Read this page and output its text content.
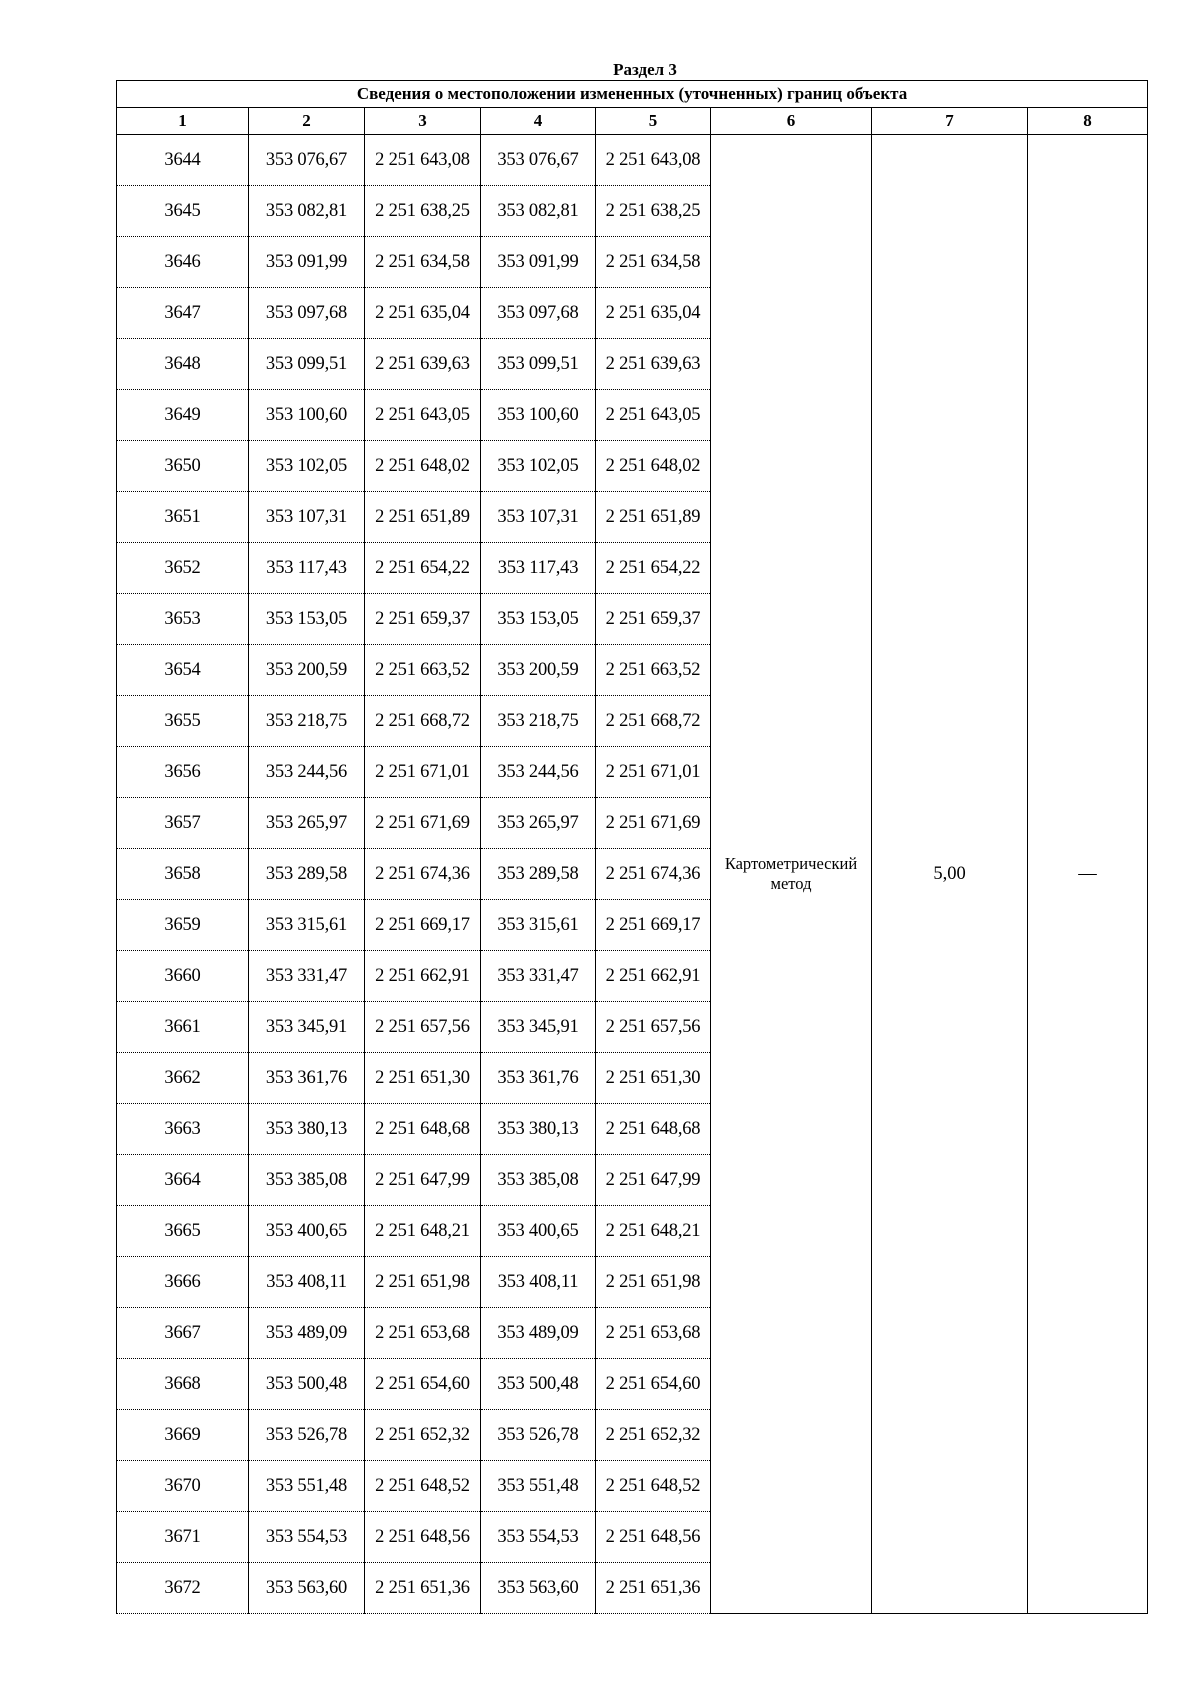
Раздел 3
Сведения о местоположении измененных (уточненных) границ объекта							
1	2	3	4	5	6	7	8
3644	353 076,67	2 251 643,08	353 076,67	2 251 643,08	Картометрический метод	5,00	—
3645	353 082,81	2 251 638,25	353 082,81	2 251 638,25			
3646	353 091,99	2 251 634,58	353 091,99	2 251 634,58			
3647	353 097,68	2 251 635,04	353 097,68	2 251 635,04			
3648	353 099,51	2 251 639,63	353 099,51	2 251 639,63			
3649	353 100,60	2 251 643,05	353 100,60	2 251 643,05			
3650	353 102,05	2 251 648,02	353 102,05	2 251 648,02			
3651	353 107,31	2 251 651,89	353 107,31	2 251 651,89			
3652	353 117,43	2 251 654,22	353 117,43	2 251 654,22			
3653	353 153,05	2 251 659,37	353 153,05	2 251 659,37			
3654	353 200,59	2 251 663,52	353 200,59	2 251 663,52			
3655	353 218,75	2 251 668,72	353 218,75	2 251 668,72			
3656	353 244,56	2 251 671,01	353 244,56	2 251 671,01			
3657	353 265,97	2 251 671,69	353 265,97	2 251 671,69			
3658	353 289,58	2 251 674,36	353 289,58	2 251 674,36			
3659	353 315,61	2 251 669,17	353 315,61	2 251 669,17			
3660	353 331,47	2 251 662,91	353 331,47	2 251 662,91			
3661	353 345,91	2 251 657,56	353 345,91	2 251 657,56			
3662	353 361,76	2 251 651,30	353 361,76	2 251 651,30			
3663	353 380,13	2 251 648,68	353 380,13	2 251 648,68			
3664	353 385,08	2 251 647,99	353 385,08	2 251 647,99			
3665	353 400,65	2 251 648,21	353 400,65	2 251 648,21			
3666	353 408,11	2 251 651,98	353 408,11	2 251 651,98			
3667	353 489,09	2 251 653,68	353 489,09	2 251 653,68			
3668	353 500,48	2 251 654,60	353 500,48	2 251 654,60			
3669	353 526,78	2 251 652,32	353 526,78	2 251 652,32			
3670	353 551,48	2 251 648,52	353 551,48	2 251 648,52			
3671	353 554,53	2 251 648,56	353 554,53	2 251 648,56			
3672	353 563,60	2 251 651,36	353 563,60	2 251 651,36			
